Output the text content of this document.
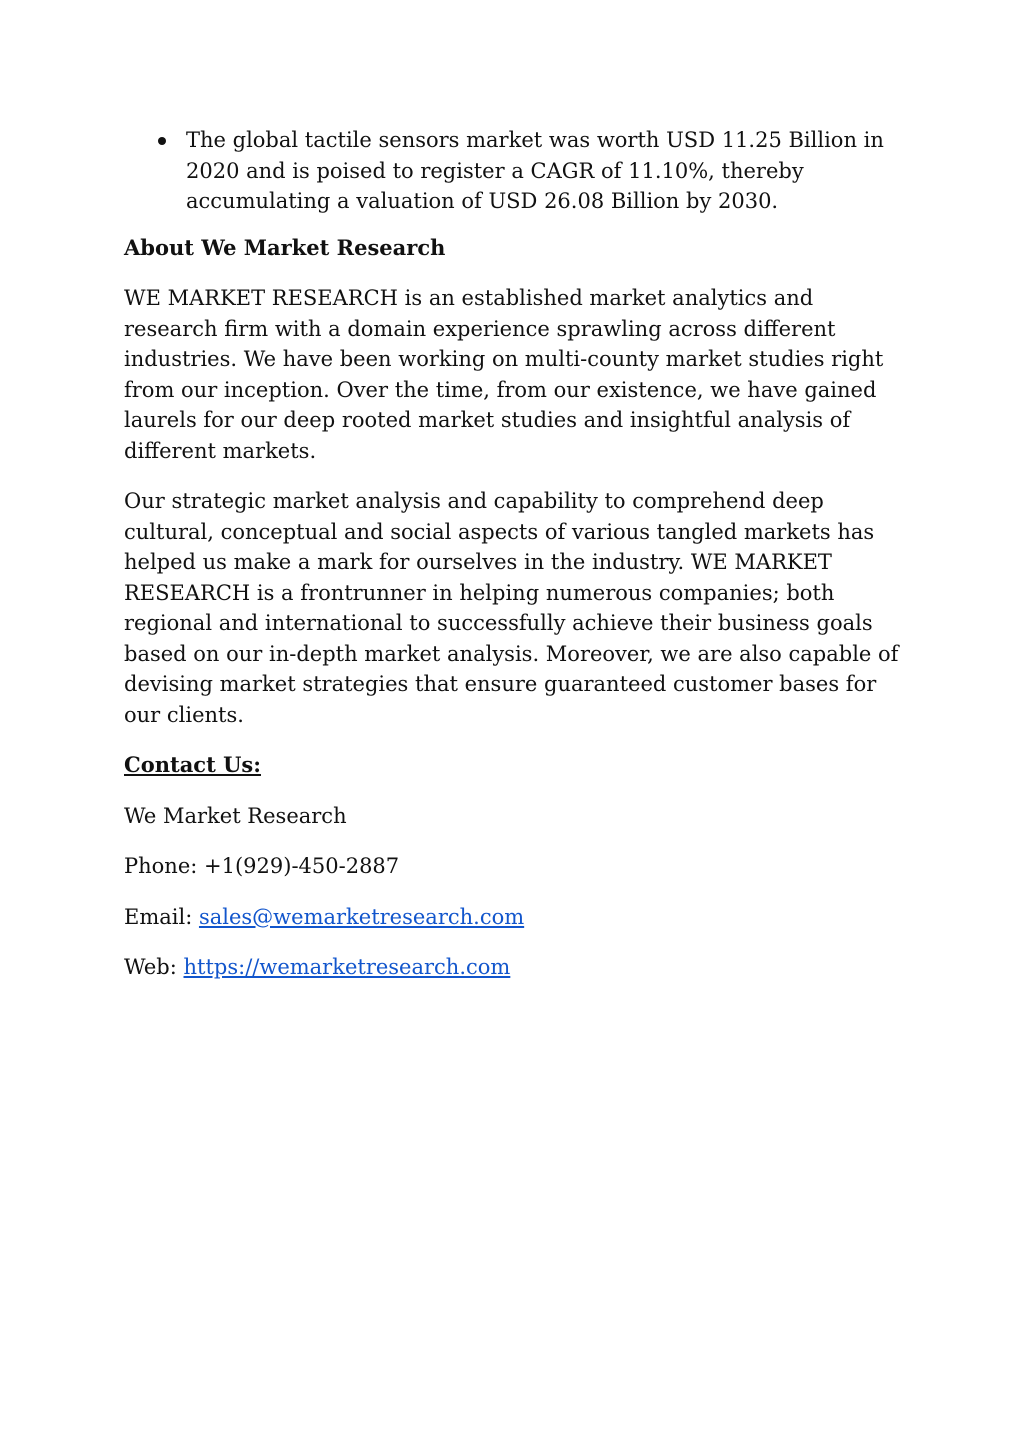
The global tactile sensors market was worth USD 11.25 Billion in 2020 and is poised to register a CAGR of 11.10%, thereby accumulating a valuation of USD 26.08 Billion by 2030.
About We Market Research

WE MARKET RESEARCH is an established market analytics and research firm with a domain experience sprawling across different industries. We have been working on multi-county market studies right from our inception. Over the time, from our existence, we have gained laurels for our deep rooted market studies and insightful analysis of different markets.

Our strategic market analysis and capability to comprehend deep cultural, conceptual and social aspects of various tangled markets has helped us make a mark for ourselves in the industry. WE MARKET RESEARCH is a frontrunner in helping numerous companies; both regional and international to successfully achieve their business goals based on our in-depth market analysis. Moreover, we are also capable of devising market strategies that ensure guaranteed customer bases for our clients.

Contact Us:
We Market Research
Phone: +1(929)-450-2887
Email: sales@wemarketresearch.com
Web: https://wemarketresearch.com
